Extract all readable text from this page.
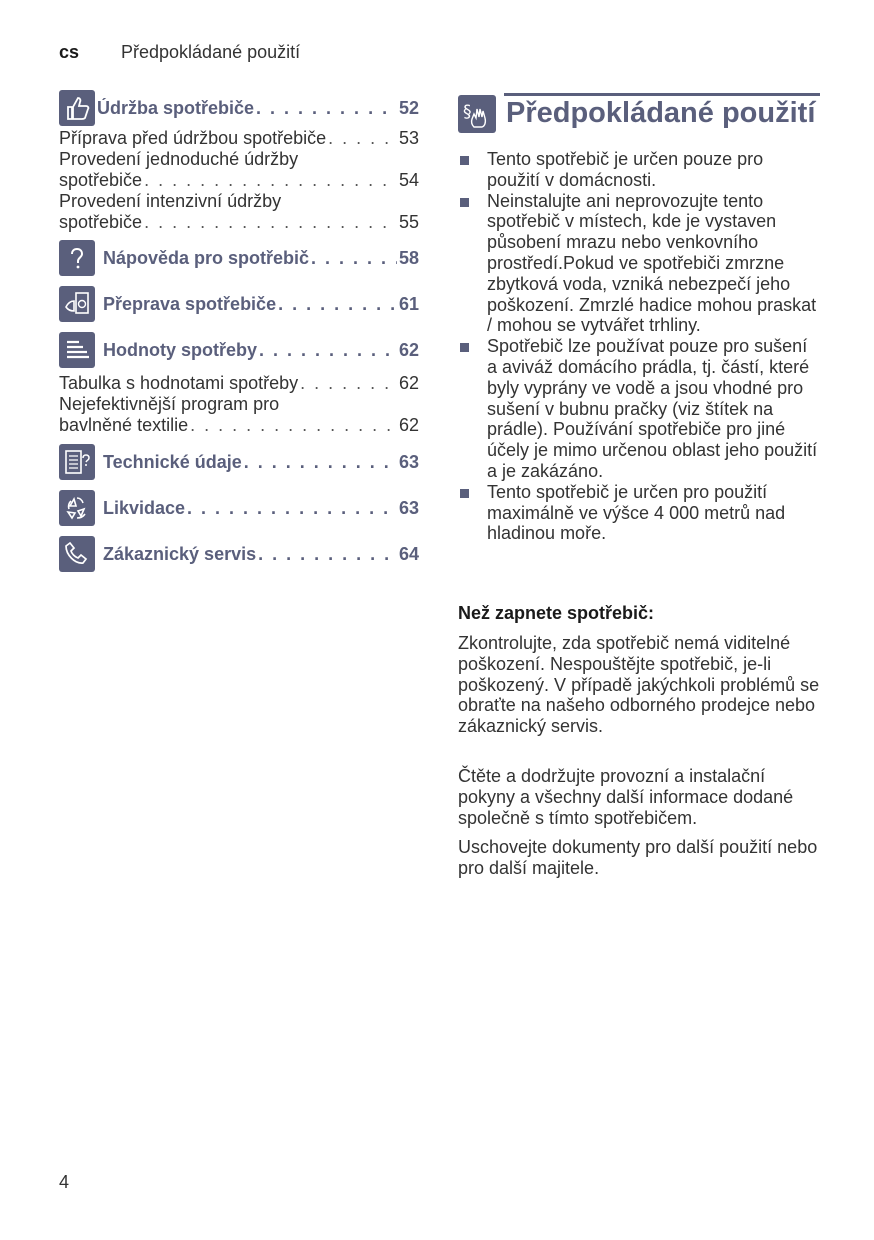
cs Předpokládané použití
Údržba spotřebiče . . .	52
Příprava před údržbou spotřebiče . . .	53
Provedení jednoduché údržby
spotřebiče . . .	54
Provedení intenzivní údržby
spotřebiče . . .	55
Nápověda pro spotřebič . . .	58
Přeprava spotřebiče . . .	61
Hodnoty spotřeby . . .	62
Tabulka s hodnotami spotřeby . . .	62
Nejefektivnější program pro
bavlněné textilie . . .	62
Technické údaje . . .	63
Likvidace . . .	63
Zákaznický servis . . .	64
§ Předpokládané použití
Tento spotřebič je určen pouze pro použití v domácnosti.
Neinstalujte ani neprovozujte tento spotřebič v místech, kde je vystaven působení mrazu nebo venkovního prostředí.Pokud ve spotřebiči zmrzne zbytková voda, vzniká nebezpečí jeho poškození. Zmrzlé hadice mohou praskat / mohou se vytvářet trhliny.
Spotřebič lze používat pouze pro sušení a aviváž domácího prádla, tj. částí, které byly vyprány ve vodě a jsou vhodné pro sušení v bubnu pračky (viz štítek na prádle). Používání spotřebiče pro jiné účely je mimo určenou oblast jeho použití a je zakázáno.
Tento spotřebič je určen pro použití maximálně ve výšce 4 000 metrů nad hladinou moře.
Než zapnete spotřebič:

Zkontrolujte, zda spotřebič nemá viditelné poškození. Nespouštějte spotřebič, je-li poškozený. V případě jakýchkoli problémů se obraťte na našeho odborného prodejce nebo zákaznický servis.

Čtěte a dodržujte provozní a instalační pokyny a všechny další informace dodané společně s tímto spotřebičem.

Uschovejte dokumenty pro další použití nebo pro další majitele.

4
